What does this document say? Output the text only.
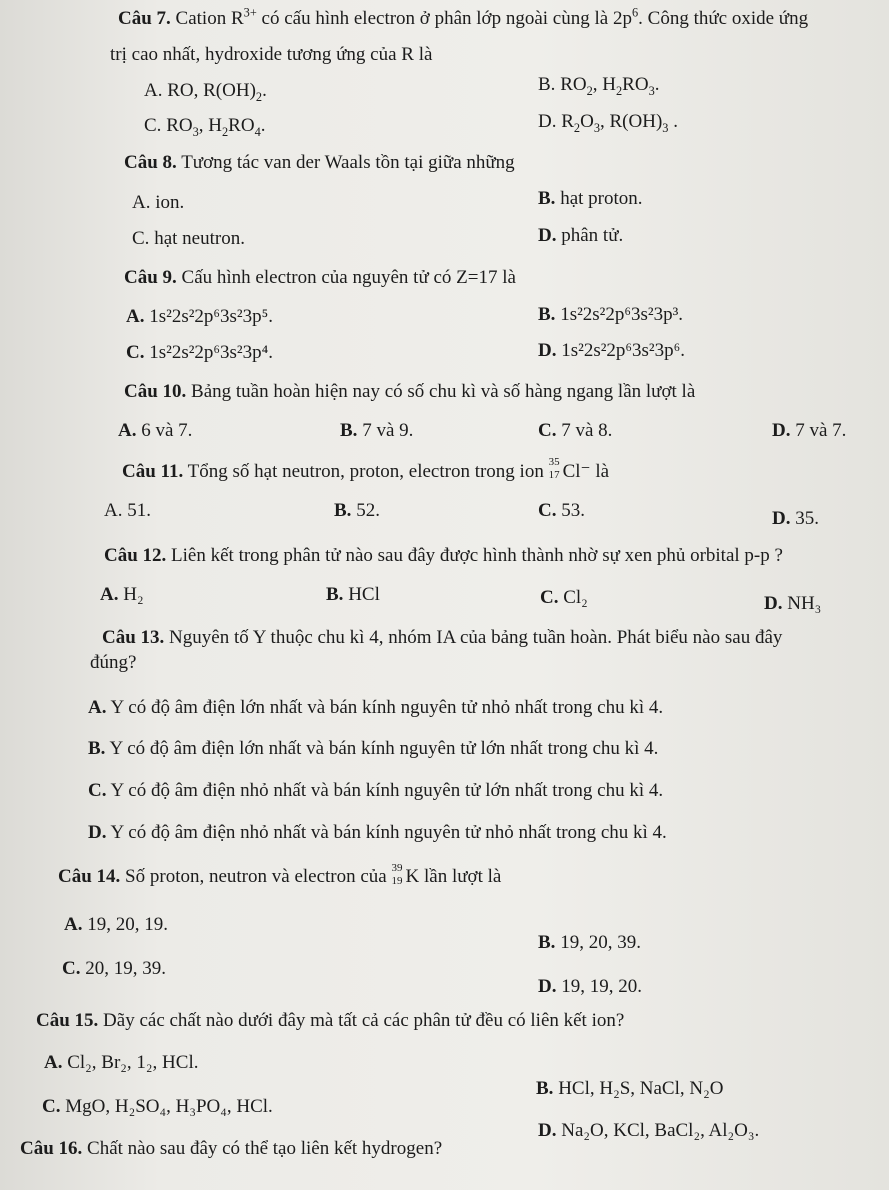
Câu 7. Cation $R^{3+}$ có cấu hình electron ở phân lớp ngoài cùng là $2p^6$. Công thức oxide ứng
trị cao nhất, hydroxide tương ứng của R là
A. RO, $R(OH)_2$.	B. $RO_2$, $H_2RO_3$.
C. $RO_3$, $H_2RO_4$.	D. $R_2O_3$, $R(OH)_3$ .
Câu 8. Tương tác van der Waals tồn tại giữa những
A. ion.	B. hạt proton.
C. hạt neutron.	D. phân tử.
Câu 9. Cấu hình electron của nguyên tử có Z=17 là
A. 1s²2s²2p⁶3s²3p⁵.	B. 1s²2s²2p⁶3s²3p³.
C. 1s²2s²2p⁶3s²3p⁴.	D. 1s²2s²2p⁶3s²3p⁶.
Câu 10. Bảng tuần hoàn hiện nay có số chu kì và số hàng ngang lần lượt là
A. 6 và 7.	B. 7 và 9.	C. 7 và 8.	D. 7 và 7.
Câu 11. Tổng số hạt neutron, proton, electron trong ion 35
17 Cl⁻ là
A. 51.	B. 52.	C. 53.	D. 35.
Câu 12. Liên kết trong phân tử nào sau đây được hình thành nhờ sự xen phủ orbital p-p ?
A. H₂	B. HCl	C. Cl₂	D. NH₃
Câu 13. Nguyên tố Y thuộc chu kì 4, nhóm IA của bảng tuần hoàn. Phát biểu nào sau đây
đúng?
A. Y có độ âm điện lớn nhất và bán kính nguyên tử nhỏ nhất trong chu kì 4.
B. Y có độ âm điện lớn nhất và bán kính nguyên tử lớn nhất trong chu kì 4.
C. Y có độ âm điện nhỏ nhất và bán kính nguyên tử lớn nhất trong chu kì 4.
D. Y có độ âm điện nhỏ nhất và bán kính nguyên tử nhỏ nhất trong chu kì 4.
Câu 14. Số proton, neutron và electron của 39
19 K lần lượt là
A. 19, 20, 19.
B. 19, 20, 39.
C. 20, 19, 39.
D. 19, 19, 20.
Câu 15. Dãy các chất nào dưới đây mà tất cả các phân tử đều có liên kết ion?
A. Cl₂, Br₂, 1₂, HCl.
B. HCl, H₂S, NaCl, N₂O
C. MgO, H₂SO₄, H₃PO₄, HCl.
D. Na₂O, KCl, BaCl₂, Al₂O₃.
Câu 16. Chất nào sau đây có thể tạo liên kết hydrogen?
